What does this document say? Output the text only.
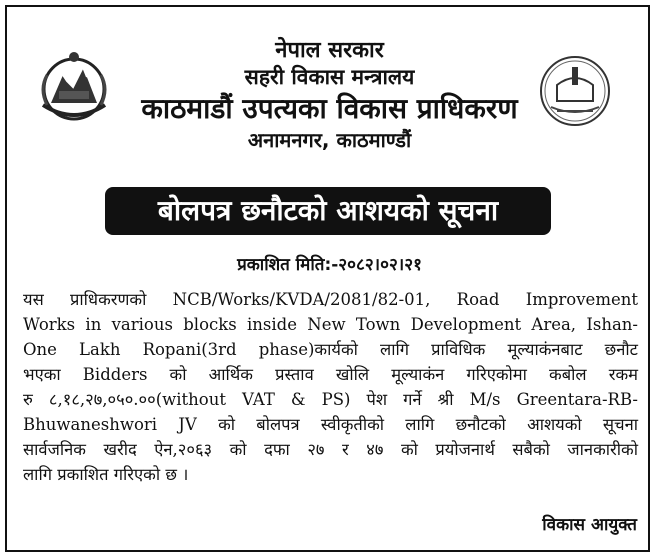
नेपाल सरकार
सहरी विकास मन्त्रालय
काठमाडौं उपत्यका विकास प्राधिकरण
अनामनगर, काठमाण्डौं
बोलपत्र छनौटको आशयको सूचना
प्रकाशित मिति:-२०८२।०२।२१
यस प्राधिकरणको NCB/Works/KVDA/2081/82-01, Road Improvement
Works in various blocks inside New Town Development Area, Ishan-
One Lakh Ropani(3rd phase)कार्यको लागि प्राविधिक मूल्याकंनबाट छनौट
भएका Bidders को आर्थिक प्रस्ताव खोलि मूल्याकंन गरिएकोमा कबोल रकम
रु ८,१८,२७,०५०.००(without VAT & PS) पेश गर्ने श्री M/s Greentara-RB-
Bhuwaneshwori JV को बोलपत्र स्वीकृतीको लागि छनौटको आशयको सूचना
सार्वजनिक खरीद ऐन,२०६३ को दफा २७ र ४७ को प्रयोजनार्थ सबैको जानकारीको
लागि प्रकाशित गरिएको छ ।
विकास आयुक्त
